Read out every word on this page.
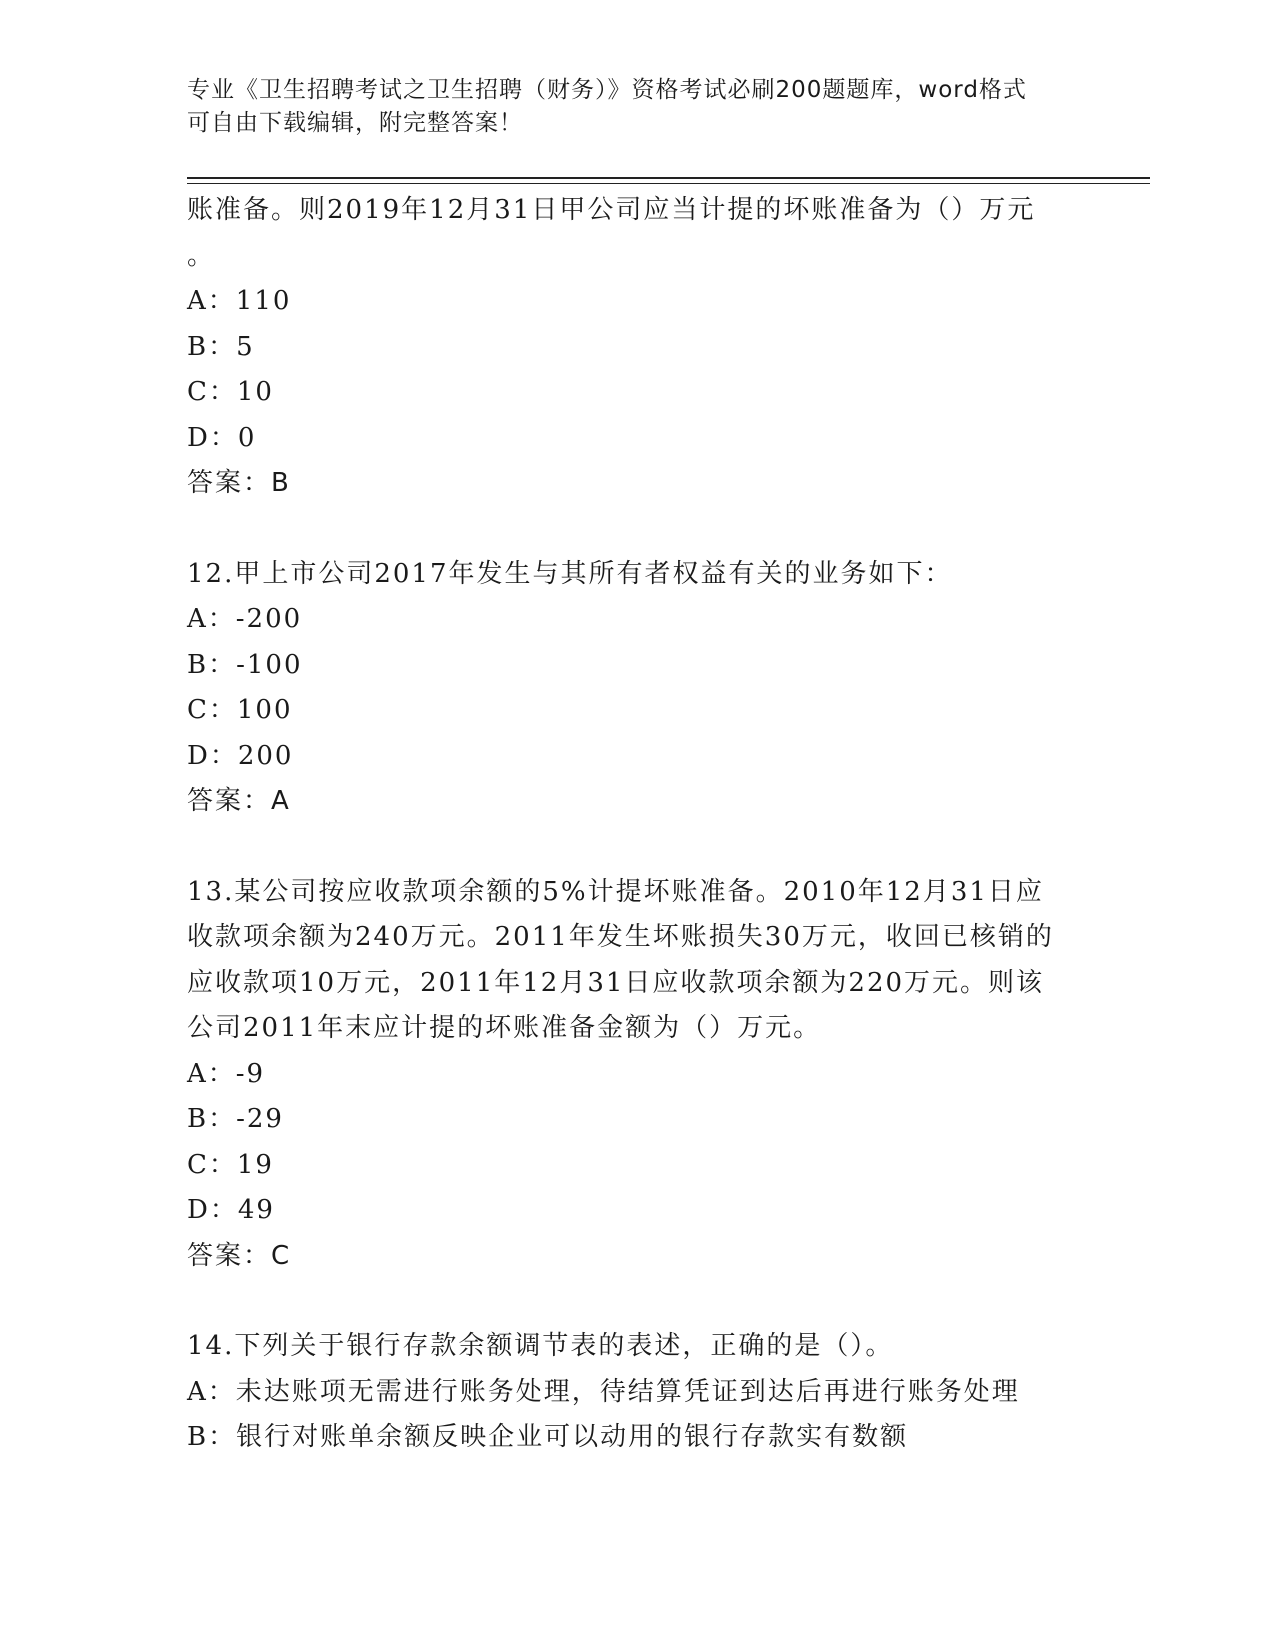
专业《卫生招聘考试之卫生招聘（财务）》资格考试必刷200题题库，word格式
可自由下载编辑，附完整答案！
账准备。则2019年12月31日甲公司应当计提的坏账准备为（）万元
。
A：110
B：5
C：10
D：0
答案：B
12.甲上市公司2017年发生与其所有者权益有关的业务如下：
A：-200
B：-100
C：100
D：200
答案：A
13.某公司按应收款项余额的5%计提坏账准备。2010年12月31日应
收款项余额为240万元。2011年发生坏账损失30万元，收回已核销的
应收款项10万元，2011年12月31日应收款项余额为220万元。则该
公司2011年末应计提的坏账准备金额为（）万元。
A：-9
B：-29
C：19
D：49
答案：C
14.下列关于银行存款余额调节表的表述，正确的是（）。
A：未达账项无需进行账务处理，待结算凭证到达后再进行账务处理
B：银行对账单余额反映企业可以动用的银行存款实有数额
